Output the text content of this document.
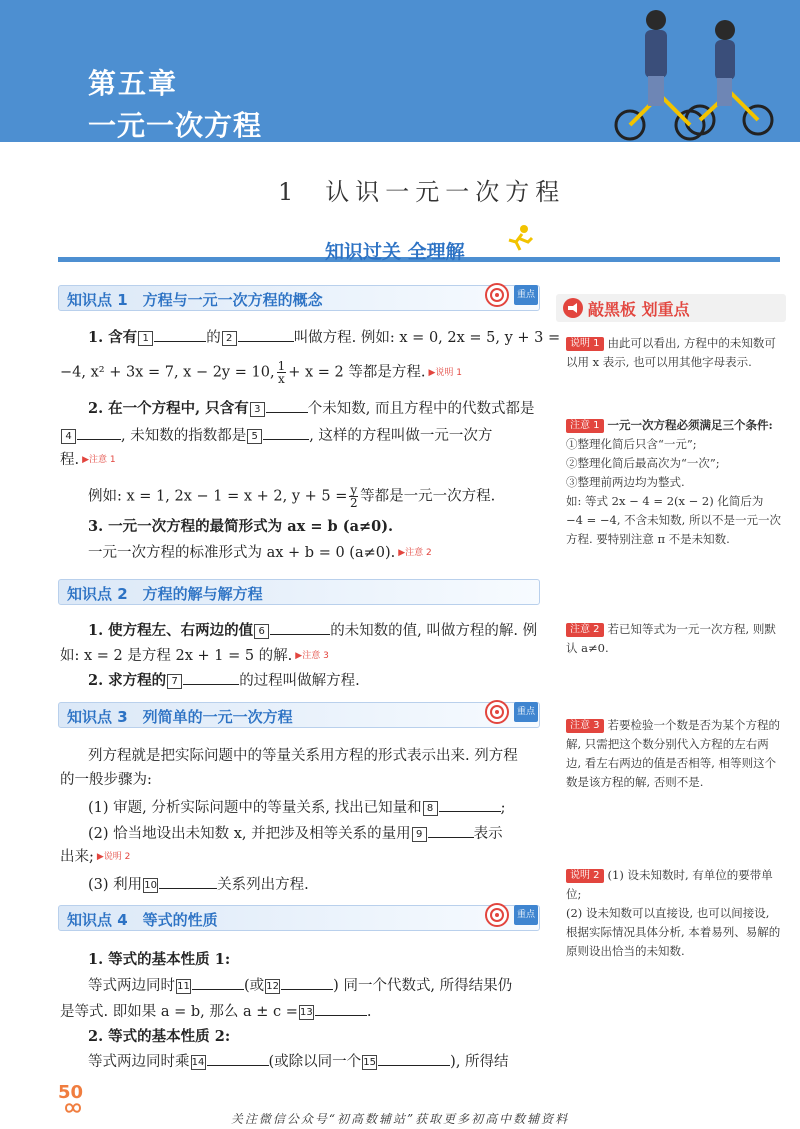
第五章
一元一次方程
1 认识一元一次方程
知识过关 全理解
知识点 1　方程与一元一次方程的概念	重点
1. 含有 1	的 2	叫做方程. 例如: x = 0, 2x = 5, y + 3 =
−4, x² + 3x = 7, x − 2y = 10, $\frac{1}{x} + x = 2$ 等都是方程. ▶说明 1
2. 在一个方程中, 只含有 3	个未知数, 而且方程中的代数式都是
4	, 未知数的指数都是 5	, 这样的方程叫做一元一次方
程. ▶注意 1
例如: x = 1, 2x − 1 = x + 2, $y + 5 = \frac{y}{2}$ 等都是一元一次方程.
3. 一元一次方程的最简形式为 ax = b (a≠0).
一元一次方程的标准形式为 ax + b = 0 (a≠0). ▶注意 2
知识点 2　方程的解与解方程
1. 使方程左、右两边的值 6	的未知数的值, 叫做方程的解. 例
如: x = 2 是方程 2x + 1 = 5 的解. ▶注意 3
2. 求方程的 7	的过程叫做解方程.
知识点 3　列简单的一元一次方程	重点
列方程就是把实际问题中的等量关系用方程的形式表示出来. 列方程
的一般步骤为:
(1) 审题, 分析实际问题中的等量关系, 找出已知量和 8	;
(2) 恰当地设出未知数 x, 并把涉及相等关系的量用 9	表示
出来; ▶说明 2
(3) 利用 10	关系列出方程.
知识点 4　等式的性质	重点
1. 等式的基本性质 1:
等式两边同时 11	(或 12	) 同一个代数式, 所得结果仍
是等式. 即如果 a = b, 那么 a ± c = 13	.
2. 等式的基本性质 2:
等式两边同时乘 14	(或除以同一个 15	), 所得结
敲黑板 划重点
说明 1 由此可以看出, 方程中的未知数可以用 x 表示, 也可以用其他字母表示.
注意 1 一元一次方程必须满足三个条件:
①整理化简后只含“一元”;
②整理化简后最高次为“一次”;
③整理前两边均为整式.
如: 等式 2x − 4 = 2(x − 2) 化简后为 −4 = −4, 不含未知数, 所以不是一元一次方程. 要特别注意 π 不是未知数.
注意 2 若已知等式为一元一次方程, 则默认 a≠0.
注意 3 若要检验一个数是否为某个方程的解, 只需把这个数分别代入方程的左右两边, 看左右两边的值是否相等, 相等则这个数是该方程的解, 否则不是.
说明 2 (1) 设未知数时, 有单位的要带单位;
(2) 设未知数可以直接设, 也可以间接设, 根据实际情况具体分析, 本着易列、易解的原则设出恰当的未知数.
50
关注微信公众号“初高数辅站”获取更多初高中数辅资料
